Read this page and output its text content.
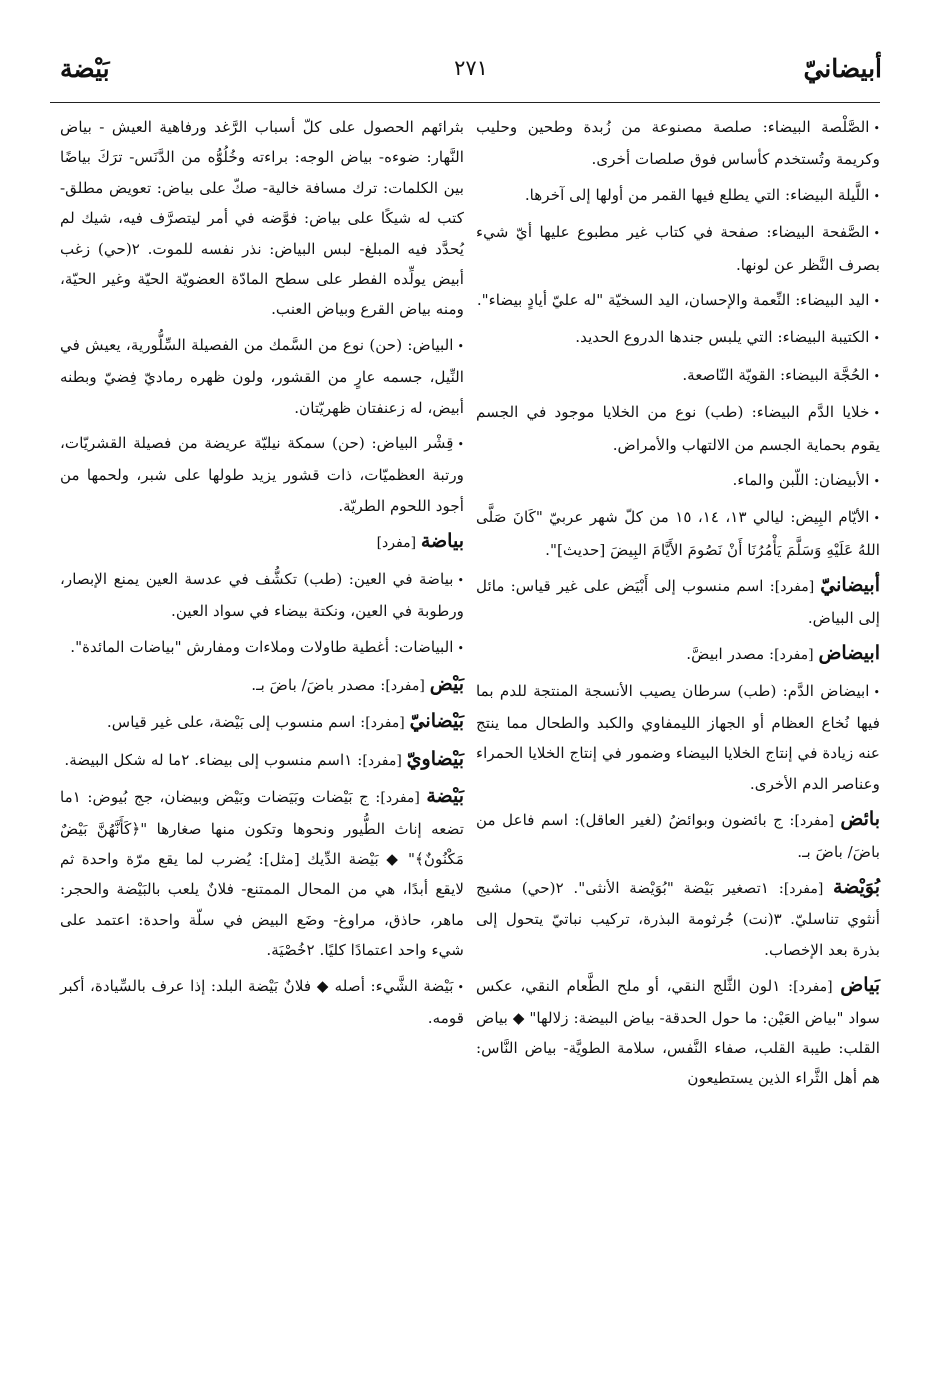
أبيضانيّ
٢٧١
بَيْضة
•الصَّلْصة البيضاء: صلصة مصنوعة من زُبدة وطحين وحليب وكريمة وتُستخدم كأساس فوق صلصات أخرى.
•اللَّيلة البيضاء: التي يطلع فيها القمر من أولها إلى آخرها.
•الصَّفحة البيضاء: صفحة في كتاب غير مطبوع عليها أيّ شيء بصرف النَّظر عن لونها.
•اليد البيضاء: النِّعمة والإحسان، اليد السخيّة "له عليّ أيادٍ بيضاء".
•الكتيبة البيضاء: التي يلبس جندها الدروع الحديد.
•الحُجَّة البيضاء: القويّة النّاصعة.
•خلايا الدَّم البيضاء: (طب) نوع من الخلايا موجود في الجسم يقوم بحماية الجسم من الالتهاب والأمراض.
•الأبيضان: اللّبن والماء.
•الأيّام البِيض: ليالي ١٣، ١٤، ١٥ من كلّ شهر عربيّ "كَانَ صَلَّى اللهُ عَلَيْهِ وَسَلَّمَ يَأْمُرُنَا أَنْ نَصُومَ الأَيَّامَ البِيضَ [حديث]".
أبيضانيّ [مفرد]: اسم منسوب إلى أَبْيَض على غير قياس: مائل إلى البياض.
ابيضاض [مفرد]: مصدر ابيضَّ.
•ابيضاض الدَّم: (طب) سرطان يصيب الأنسجة المنتجة للدم بما فيها نُخاع العظام أو الجهاز الليمفاوي والكبد والطحال مما ينتج عنه زيادة في إنتاج الخلايا البيضاء وضمور في إنتاج الخلايا الحمراء وعناصر الدم الأخرى.
بائض [مفرد]: ج بائضون وبوائضُ (لغير العاقل): اسم فاعل من باضَ/ باضَ بـ.
بُوَيْضة [مفرد]: ١تصغير بَيْضة "بُوَيْضة الأنثى". ٢(حي) مشيج أنثوي تناسليّ. ٣(نت) جُرثومة البذرة، تركيب نباتيّ يتحول إلى بذرة بعد الإخصاب.
بَياض [مفرد]: ١لون الثَّلج النقي، أو ملح الطَّعام النقي، عكس سواد "بياض العَيْن: ما حول الحدقة- بياض البيضة: زلالها" ◆ بياض القلب: طيبة القلب، صفاء النَّفس، سلامة الطويَّة- بياض النَّاس: هم أهل الثَّراء الذين يستطيعون
بثرائهم الحصول على كلّ أسباب الرَّغد ورفاهية العيش - بياض النَّهار: ضوءه- بياض الوجه: براءته وخُلُوُّه من الدَّنَس- ترَكَ بياضًا بين الكلمات: ترك مسافة خالية- صكّ على بياض: تعويض مطلق- كتب له شيكًا على بياض: فوَّضه في أمر ليتصرَّف فيه، شيك لم يُحدَّد فيه المبلغ- لبس البياض: نذر نفسه للموت. ٢(حي) زغب أبيض يولِّده الفطر على سطح المادّة العضويّة الحيّة وغير الحيّة، ومنه بياض القرع وبياض العنب.
•البياض: (حن) نوع من السَّمك من الفصيلة السِّلُّورية، يعيش في النِّيل، جسمه عارٍ من القشور، ولون ظهره رماديّ فِضيّ وبطنه أبيض، له زعنفتان ظهريّتان.
•قِشْر البياض: (حن) سمكة نيليّة عريضة من فصيلة القشريّات، ورتبة العظميّات، ذات قشور يزيد طولها على شبر، ولحمها من أجود اللحوم الطريّة.
بياضة [مفرد]
•بياضة في العين: (طب) تكشُّف في عدسة العين يمنع الإبصار، ورطوبة في العين، ونكتة بيضاء في سواد العين.
•البياضات: أغطية طاولات وملاءات ومفارش "بياضات المائدة".
بَيْض [مفرد]: مصدر باضَ/ باضَ بـ.
بَيْضانيّ [مفرد]: اسم منسوب إلى بَيْضة، على غير قياس.
بَيْضاويّ [مفرد]: ١اسم منسوب إلى بيضاء. ٢ما له شكل البيضة.
بَيْضة [مفرد]: ج بَيْضات وبَيَضات وبَيْض وبيضان، جج بُيوض: ١ما تضعه إناث الطُّيور ونحوها وتكون منها صغارها "﴿كَأَنَّهُنَّ بَيْضٌ مَكْنُونٌ﴾" ◆ بَيْضة الدِّيك [مثل]: يُضرب لما يقع مرّة واحدة ثم لايقع أبدًا، هي من المحال الممتنع- فلانٌ يلعب بالبَيْضة والحجر: ماهر، حاذق، مراوغ- وضَع البيض في سلّة واحدة: اعتمد على شيء واحد اعتمادًا كليًا. ٢خُصْيَة.
•بَيْضة الشَّيء: أصله ◆ فلانٌ بَيْضة البلد: إذا عرف بالسِّيادة، أكبر قومه.
